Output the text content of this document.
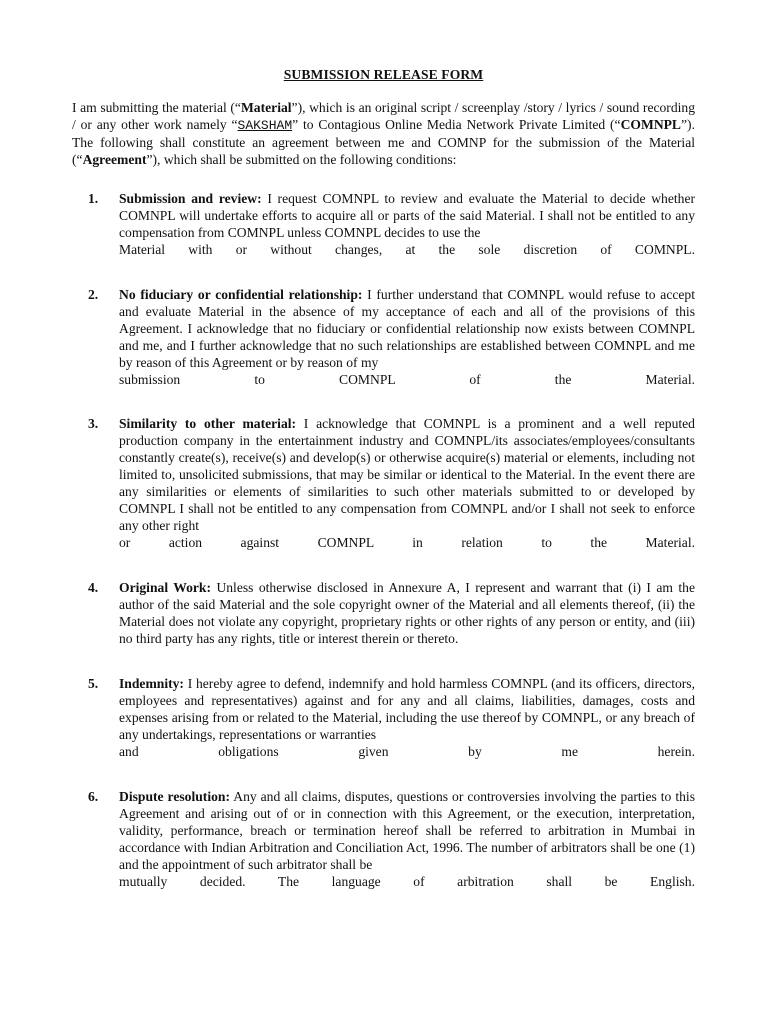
SUBMISSION RELEASE FORM

I am submitting the material (“Material”), which is an original script / screenplay /story / lyrics / sound recording / or any other work namely “SAKSHAM” to Contagious Online Media Network Private Limited (“COMNPL”). The following shall constitute an agreement between me and COMNP for the submission of the Material (“Agreement”), which shall be submitted on the following conditions:

1. Submission and review: I request COMNPL to review and evaluate the Material to decide whether COMNPL will undertake efforts to acquire all or parts of the said Material. I shall not be entitled to any compensation from COMNPL unless COMNPL decides to use the
Material with or without changes, at the sole discretion of COMNPL.

2. No fiduciary or confidential relationship: I further understand that COMNPL would refuse to accept and evaluate Material in the absence of my acceptance of each and all of the provisions of this Agreement. I acknowledge that no fiduciary or confidential relationship now exists between COMNPL and me, and I further acknowledge that no such relationships are established between COMNPL and me by reason of this Agreement or by reason of my
submission to COMNPL of the Material.

3. Similarity to other material: I acknowledge that COMNPL is a prominent and a well reputed production company in the entertainment industry and COMNPL/its associates/employees/consultants constantly create(s), receive(s) and develop(s) or otherwise acquire(s) material or elements, including not limited to, unsolicited submissions, that may be similar or identical to the Material. In the event there are any similarities or elements of similarities to such other materials submitted to or developed by COMNPL I shall not be entitled to any compensation from COMNPL and/or I shall not seek to enforce any other right
or action against COMNPL in relation to the Material.

4. Original Work: Unless otherwise disclosed in Annexure A, I represent and warrant that (i) I am the author of the said Material and the sole copyright owner of the Material and all elements thereof, (ii) the Material does not violate any copyright, proprietary rights or other rights of any person or entity, and (iii) no third party has any rights, title or interest therein or thereto.

5. Indemnity: I hereby agree to defend, indemnify and hold harmless COMNPL (and its officers, directors, employees and representatives) against and for any and all claims, liabilities, damages, costs and expenses arising from or related to the Material, including the use thereof by COMNPL, or any breach of any undertakings, representations or warranties
and obligations given by me herein.

6. Dispute resolution: Any and all claims, disputes, questions or controversies involving the parties to this Agreement and arising out of or in connection with this Agreement, or the execution, interpretation, validity, performance, breach or termination hereof shall be referred to arbitration in Mumbai in accordance with Indian Arbitration and Conciliation Act, 1996. The number of arbitrators shall be one (1) and the appointment of such arbitrator shall be
mutually decided. The language of arbitration shall be English.
